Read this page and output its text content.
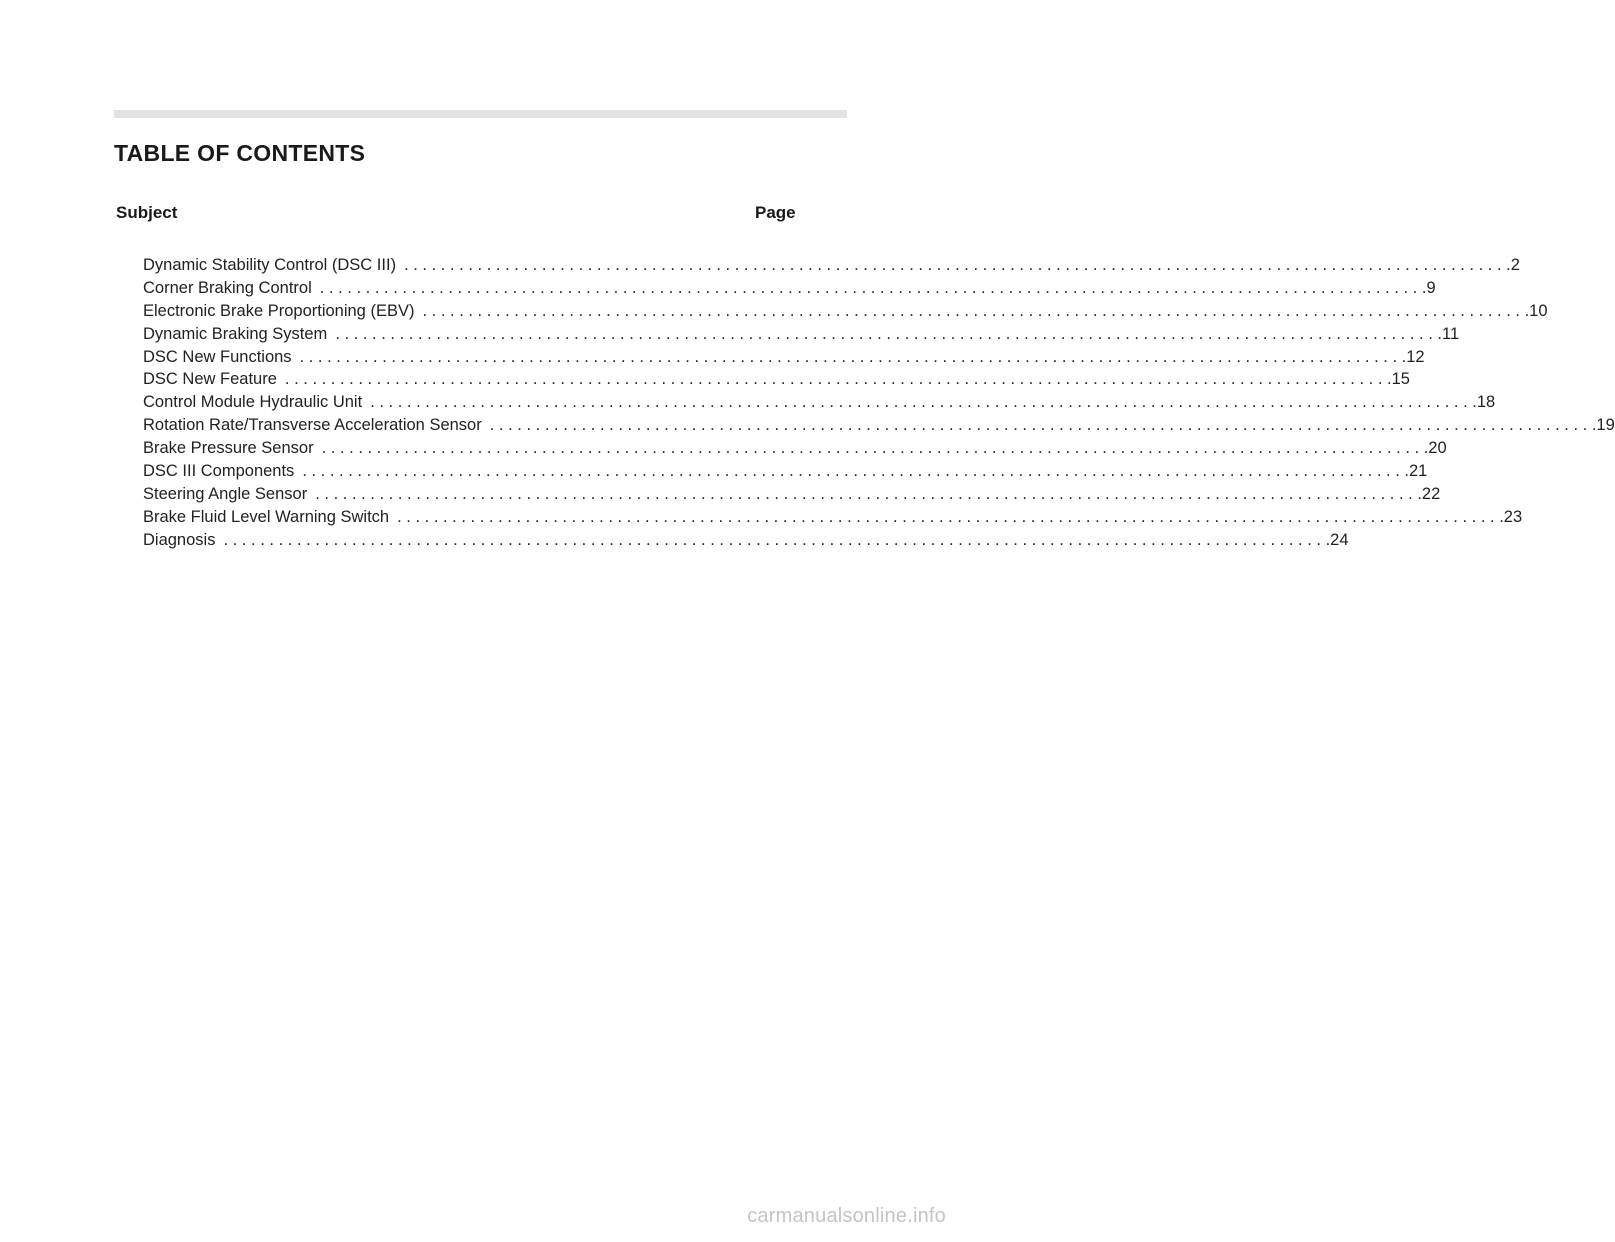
TABLE OF CONTENTS
Subject	Page
Dynamic Stability Control (DSC III) ........................................................................................................................ .2
Corner Braking Control ........................................................................................................................ .9
Electronic Brake Proportioning (EBV) ........................................................................................................................ .10
Dynamic Braking System ........................................................................................................................ .11
DSC New Functions ........................................................................................................................ .12
DSC New Feature ........................................................................................................................ .15
Control Module Hydraulic Unit ........................................................................................................................ .18
Rotation Rate/Transverse Acceleration Sensor ........................................................................................................................ .19
Brake Pressure Sensor ........................................................................................................................ .20
DSC III Components ........................................................................................................................ .21
Steering Angle Sensor ........................................................................................................................ .22
Brake Fluid Level Warning Switch ........................................................................................................................ .23
Diagnosis ........................................................................................................................ .24
carmanualsonline.info
